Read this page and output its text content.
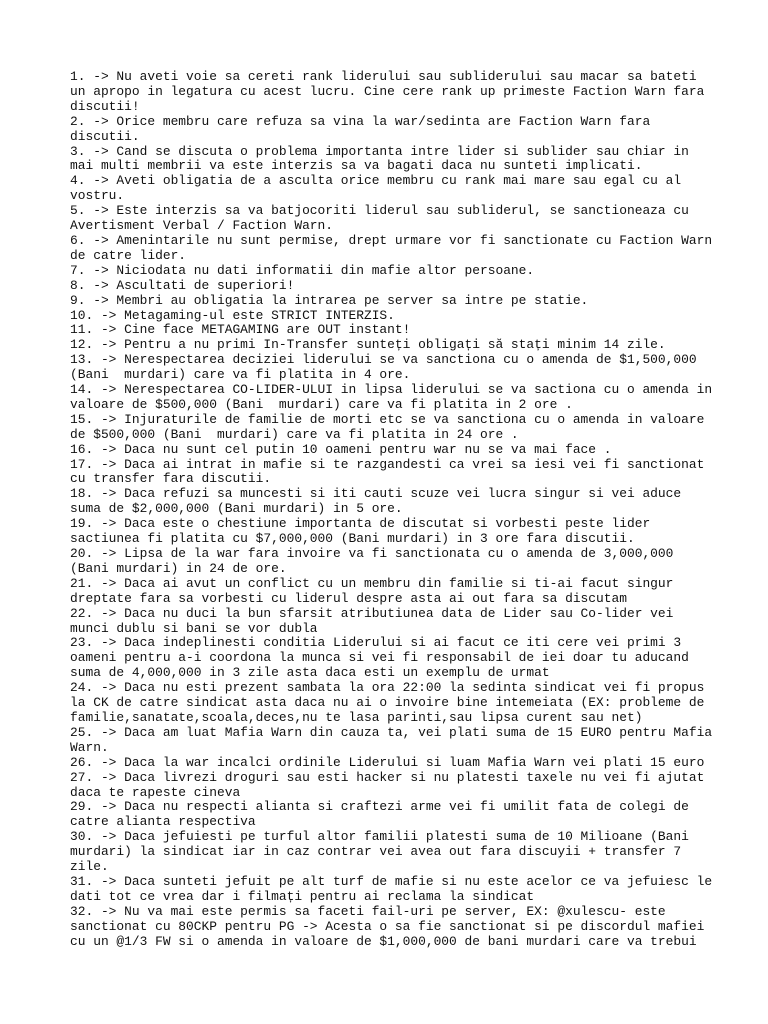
1. -> Nu aveti voie sa cereti rank liderului sau subliderului sau macar sa bateti
un apropo in legatura cu acest lucru. Cine cere rank up primeste Faction Warn fara
discutii!
2. -> Orice membru care refuza sa vina la war/sedinta are Faction Warn fara
discutii.
3. -> Cand se discuta o problema importanta intre lider si sublider sau chiar in
mai multi membrii va este interzis sa va bagati daca nu sunteti implicati.
4. -> Aveti obligatia de a asculta orice membru cu rank mai mare sau egal cu al
vostru.
5. -> Este interzis sa va batjocoriti liderul sau subliderul, se sanctioneaza cu
Avertisment Verbal / Faction Warn.
6. -> Amenintarile nu sunt permise, drept urmare vor fi sanctionate cu Faction Warn
de catre lider.
7. -> Niciodata nu dati informatii din mafie altor persoane.
8. -> Ascultati de superiori!
9. -> Membri au obligatia la intrarea pe server sa intre pe statie.
10. -> Metagaming-ul este STRICT INTERZIS.
11. -> Cine face METAGAMING are OUT instant!
12. -> Pentru a nu primi In-Transfer sunteți obligați să stați minim 14 zile.
13. -> Nerespectarea deciziei liderului se va sanctiona cu o amenda de $1,500,000
(Bani  murdari) care va fi platita in 4 ore.
14. -> Nerespectarea CO-LIDER-ULUI in lipsa liderului se va sactiona cu o amenda in
valoare de $500,000 (Bani  murdari) care va fi platita in 2 ore .
15. -> Injuraturile de familie de morti etc se va sanctiona cu o amenda in valoare
de $500,000 (Bani  murdari) care va fi platita in 24 ore .
16. -> Daca nu sunt cel putin 10 oameni pentru war nu se va mai face .
17. -> Daca ai intrat in mafie si te razgandesti ca vrei sa iesi vei fi sanctionat
cu transfer fara discutii.
18. -> Daca refuzi sa muncesti si iti cauti scuze vei lucra singur si vei aduce
suma de $2,000,000 (Bani murdari) in 5 ore.
19. -> Daca este o chestiune importanta de discutat si vorbesti peste lider
sactiunea fi platita cu $7,000,000 (Bani murdari) in 3 ore fara discutii.
20. -> Lipsa de la war fara invoire va fi sanctionata cu o amenda de 3,000,000
(Bani murdari) in 24 de ore.
21. -> Daca ai avut un conflict cu un membru din familie si ti-ai facut singur
dreptate fara sa vorbesti cu liderul despre asta ai out fara sa discutam
22. -> Daca nu duci la bun sfarsit atributiunea data de Lider sau Co-lider vei
munci dublu si bani se vor dubla
23. -> Daca indeplinesti conditia Liderului si ai facut ce iti cere vei primi 3
oameni pentru a-i coordona la munca si vei fi responsabil de iei doar tu aducand
suma de 4,000,000 in 3 zile asta daca esti un exemplu de urmat
24. -> Daca nu esti prezent sambata la ora 22:00 la sedinta sindicat vei fi propus
la CK de catre sindicat asta daca nu ai o invoire bine intemeiata (EX: probleme de
familie,sanatate,scoala,deces,nu te lasa parinti,sau lipsa curent sau net)
25. -> Daca am luat Mafia Warn din cauza ta, vei plati suma de 15 EURO pentru Mafia
Warn.
26. -> Daca la war incalci ordinile Liderului si luam Mafia Warn vei plati 15 euro
27. -> Daca livrezi droguri sau esti hacker si nu platesti taxele nu vei fi ajutat
daca te rapeste cineva
29. -> Daca nu respecti alianta si craftezi arme vei fi umilit fata de colegi de
catre alianta respectiva
30. -> Daca jefuiesti pe turful altor familii platesti suma de 10 Milioane (Bani
murdari) la sindicat iar in caz contrar vei avea out fara discuyii + transfer 7
zile.
31. -> Daca sunteti jefuit pe alt turf de mafie si nu este acelor ce va jefuiesc le
dati tot ce vrea dar i filmați pentru ai reclama la sindicat
32. -> Nu va mai este permis sa faceti fail-uri pe server, EX: @xulescu- este
sanctionat cu 80CKP pentru PG -> Acesta o sa fie sanctionat si pe discordul mafiei
cu un @1/3 FW si o amenda in valoare de $1,000,000 de bani murdari care va trebui
